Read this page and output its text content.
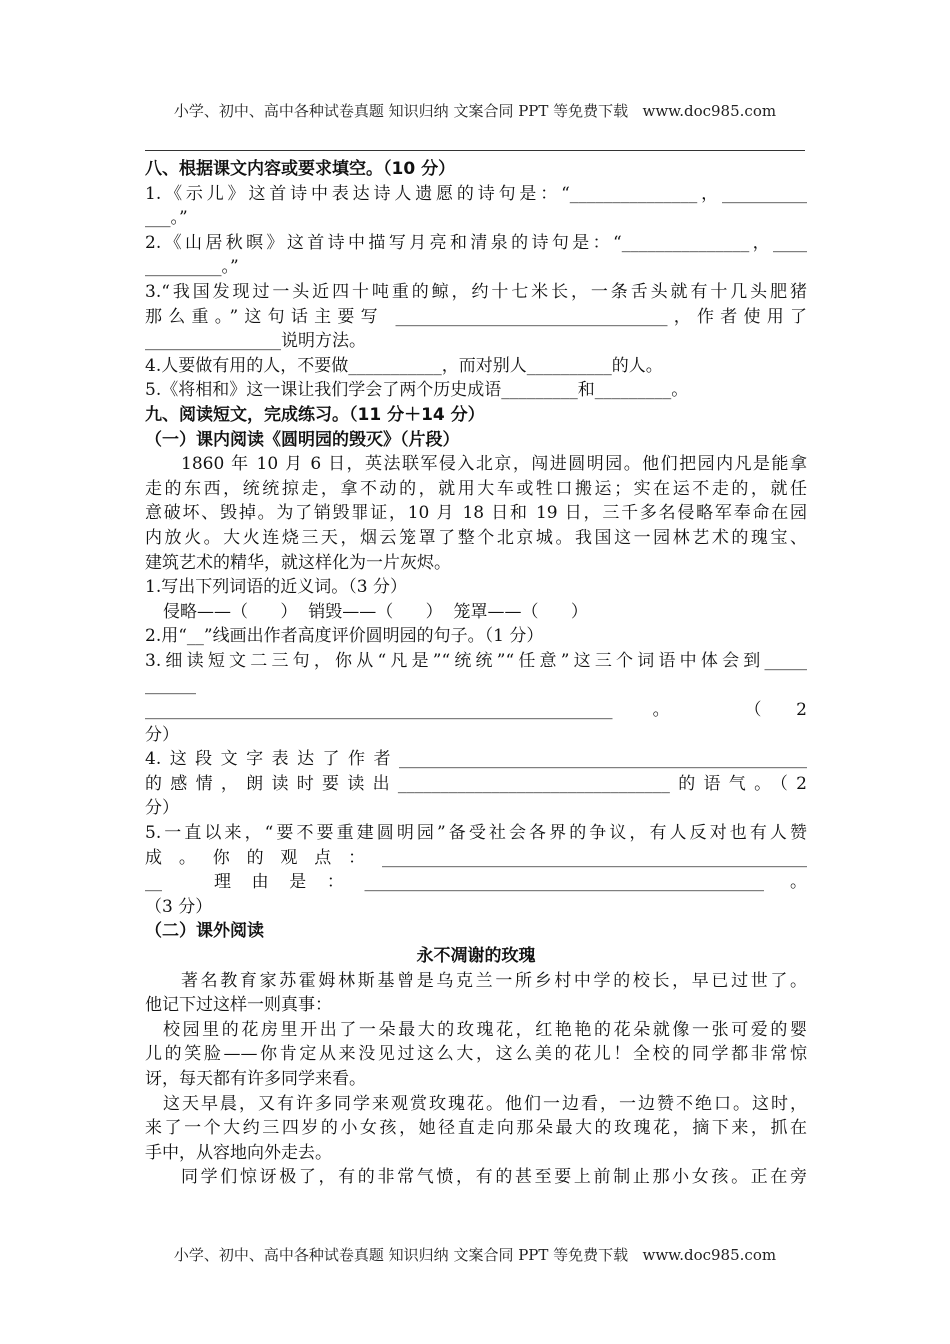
小学、初中、高中各种试卷真题 知识归纳 文案合同 PPT 等免费下载   www.doc985.com
八、根据课文内容或要求填空。（10 分）
1.《示儿》这首诗中表达诗人遗愿的诗句是：“_______________，__________
___。”
2.《山居秋暝》这首诗中描写月亮和清泉的诗句是：“_______________，____
_________。”
3.“我国发现过一头近四十吨重的鲸，约十七米长，一条舌头就有十几头肥猪
那么重。”这句话主要写 ________________________________，作者使用了
________________说明方法。
4.人要做有用的人，不要做___________，而对别人__________的人。
5.《将相和》这一课让我们学会了两个历史成语_________和_________。
九、阅读短文，完成练习。（11 分＋14 分）
（一）课内阅读《圆明园的毁灭》（片段）
1860 年 10 月 6 日，英法联军侵入北京，闯进圆明园。他们把园内凡是能拿
走的东西，统统掠走，拿不动的，就用大车或牲口搬运；实在运不走的，就任
意破坏、毁掉。为了销毁罪证，10 月 18 日和 19 日，三千多名侵略军奉命在园
内放火。大火连烧三天，烟云笼罩了整个北京城。我国这一园林艺术的瑰宝、
建筑艺术的精华，就这样化为一片灰烬。
1.写出下列词语的近义词。（3 分）
侵略——（      ）  销毁——（      ）  笼罩——（      ）
2.用“__”线画出作者高度评价圆明园的句子。（1 分）
3.细读短文二三句，你从“凡是”“统统”“任意”这三个词语中体会到_____
______
_______________________________________________________ 。 （2
分）
4.这段文字表达了作者________________________________________________
的感情，朗读时要读出________________________________的语气。（2
分）
5.一直以来，“要不要重建圆明园”备受社会各界的争议，有人反对也有人赞
成。你的观点：__________________________________________________
__  理由是：_______________________________________________ 。
（3 分）
（二）课外阅读
永不凋谢的玫瑰
著名教育家苏霍姆林斯基曾是乌克兰一所乡村中学的校长，早已过世了。
他记下过这样一则真事：
校园里的花房里开出了一朵最大的玫瑰花，红艳艳的花朵就像一张可爱的婴
儿的笑脸——你肯定从来没见过这么大，这么美的花儿！全校的同学都非常惊
讶，每天都有许多同学来看。
这天早晨，又有许多同学来观赏玫瑰花。他们一边看，一边赞不绝口。这时，
来了一个大约三四岁的小女孩，她径直走向那朵最大的玫瑰花，摘下来，抓在
手中，从容地向外走去。
同学们惊讶极了，有的非常气愤，有的甚至要上前制止那小女孩。正在旁
小学、初中、高中各种试卷真题 知识归纳 文案合同 PPT 等免费下载   www.doc985.com
